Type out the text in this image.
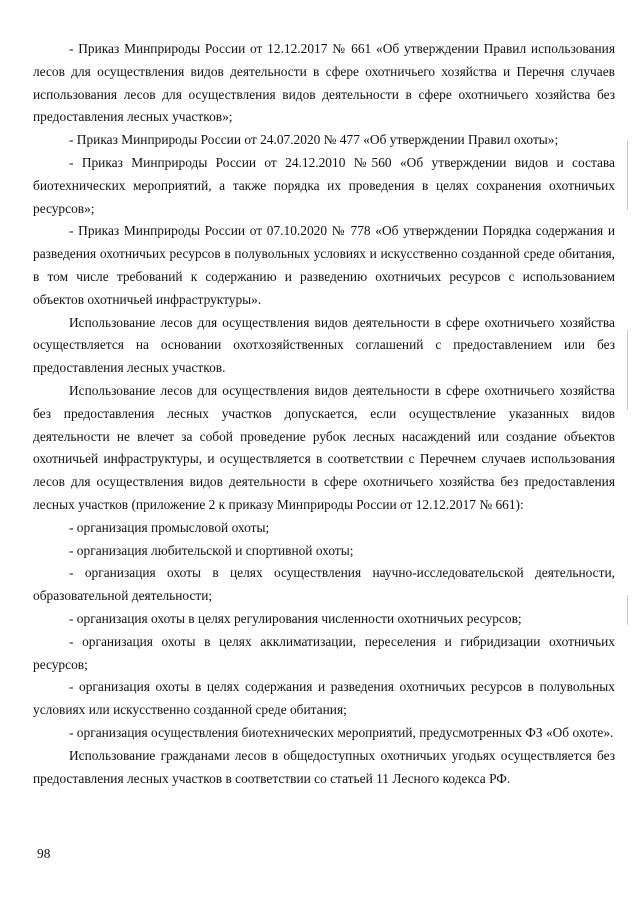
- Приказ Минприроды России от 12.12.2017 № 661 «Об утверждении Правил использования лесов для осуществления видов деятельности в сфере охотничьего хозяйства и Перечня случаев использования лесов для осуществления видов деятельности в сфере охотничьего хозяйства без предоставления лесных участков»;

- Приказ Минприроды России от 24.07.2020 № 477 «Об утверждении Правил охоты»;

- Приказ Минприроды России от 24.12.2010 №560 «Об утверждении видов и состава биотехнических мероприятий, а также порядка их проведения в целях сохранения охотничьих ресурсов»;

- Приказ Минприроды России от 07.10.2020 № 778 «Об утверждении Порядка содержания и разведения охотничьих ресурсов в полувольных условиях и искусственно созданной среде обитания, в том числе требований к содержанию и разведению охотничьих ресурсов с использованием объектов охотничьей инфраструктуры».

Использование лесов для осуществления видов деятельности в сфере охотничьего хозяйства осуществляется на основании охотхозяйственных соглашений с предоставлением или без предоставления лесных участков.

Использование лесов для осуществления видов деятельности в сфере охотничьего хозяйства без предоставления лесных участков допускается, если осуществление указанных видов деятельности не влечет за собой проведение рубок лесных насаждений или создание объектов охотничьей инфраструктуры, и осуществляется в соответствии с Перечнем случаев использования лесов для осуществления видов деятельности в сфере охотничьего хозяйства без предоставления лесных участков (приложение 2 к приказу Минприроды России от 12.12.2017 № 661):

- организация промысловой охоты;

- организация любительской и спортивной охоты;

- организация охоты в целях осуществления научно-исследовательской деятельности, образовательной деятельности;

- организация охоты в целях регулирования численности охотничьих ресурсов;

- организация охоты в целях акклиматизации, переселения и гибридизации охотничьих ресурсов;

- организация охоты в целях содержания и разведения охотничьих ресурсов в полувольных условиях или искусственно созданной среде обитания;

- организация осуществления биотехнических мероприятий, предусмотренных ФЗ «Об охоте».

Использование гражданами лесов в общедоступных охотничьих угодьях осуществляется без предоставления лесных участков в соответствии со статьей 11 Лесного кодекса РФ.

98
